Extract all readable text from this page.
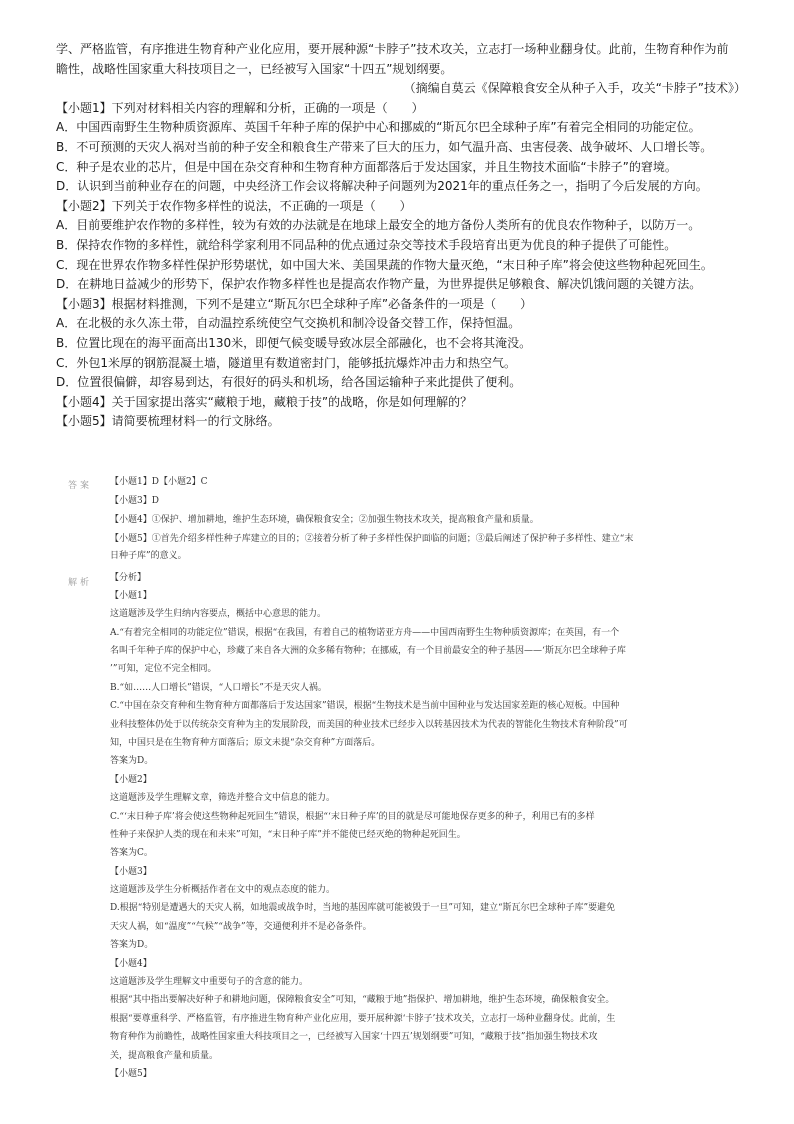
学、严格监管，有序推进生物育种产业化应用，要开展种源“卡脖子”技术攻关，立志打一场种业翻身仗。此前，生物育种作为前
瞻性，战略性国家重大科技项目之一，已经被写入国家“十四五”规划纲要。
（摘编自莫云《保障粮食安全从种子入手，攻关“卡脖子”技术》）
【小题1】下列对材料相关内容的理解和分析，正确的一项是（　　）
A．中国西南野生生物种质资源库、英国千年种子库的保护中心和挪威的“斯瓦尔巴全球种子库”有着完全相同的功能定位。
B．不可预测的天灾人祸对当前的种子安全和粮食生产带来了巨大的压力，如气温升高、虫害侵袭、战争破坏、人口增长等。
C．种子是农业的芯片，但是中国在杂交育种和生物育种方面都落后于发达国家，并且生物技术面临“卡脖子”的窘境。
D．认识到当前种业存在的问题，中央经济工作会议将解决种子问题列为2021年的重点任务之一，指明了今后发展的方向。
【小题2】下列关于农作物多样性的说法，不正确的一项是（　　）
A．目前要维护农作物的多样性，较为有效的办法就是在地球上最安全的地方备份人类所有的优良农作物种子，以防万一。
B．保持农作物的多样性，就给科学家利用不同品种的优点通过杂交等技术手段培育出更为优良的种子提供了可能性。
C．现在世界农作物多样性保护形势堪忧，如中国大米、美国果蔬的作物大量灭绝，“末日种子库”将会使这些物种起死回生。
D．在耕地日益减少的形势下，保护农作物多样性也是提高农作物产量，为世界提供足够粮食、解决饥饿问题的关键方法。
【小题3】根据材料推测，下列不是建立“斯瓦尔巴全球种子库”必备条件的一项是（　　）
A．在北极的永久冻土带，自动温控系统使空气交换机和制冷设备交替工作，保持恒温。
B．位置比现在的海平面高出130米，即便气候变暖导致冰层全部融化，也不会将其淹没。
C．外包1米厚的钢筋混凝土墙，隧道里有数道密封门，能够抵抗爆炸冲击力和热空气。
D．位置很偏僻，却容易到达，有很好的码头和机场，给各国运输种子来此提供了便利。
【小题4】关于国家提出落实“藏粮于地，藏粮于技”的战略，你是如何理解的？
【小题5】请简要梳理材料一的行文脉络。
答案 【小题1】D【小题2】C
【小题3】D
【小题4】①保护、增加耕地，维护生态环境，确保粮食安全；②加强生物技术攻关，提高粮食产量和质量。
【小题5】①首先介绍多样性种子库建立的目的；②接着分析了种子多样性保护面临的问题；③最后阐述了保护种子多样性、建立“末
日种子库”的意义。
解析 【分析】
【小题1】
这道题涉及学生归纳内容要点，概括中心意思的能力。
A.“有着完全相同的功能定位”错误，根据“在我国，有着自己的植物诺亚方舟——中国西南野生生物种质资源库；在英国，有一个
名叫千年种子库的保护中心，珍藏了来自各大洲的众多稀有物种；在挪威，有一个目前最安全的种子基因——‘斯瓦尔巴全球种子库
’”可知，定位不完全相同。
B.“如……人口增长”错误，“人口增长”不是天灾人祸。
C.“中国在杂交育种和生物育种方面都落后于发达国家”错误，根据“生物技术是当前中国种业与发达国家差距的核心短板。中国种
业科技整体仍处于以传统杂交育种为主的发展阶段，而美国的种业技术已经步入以转基因技术为代表的智能化生物技术育种阶段”可
知，中国只是在生物育种方面落后；原文未提“杂交育种”方面落后。
答案为D。
【小题2】
这道题涉及学生理解文章，筛选并整合文中信息的能力。
C.“‘末日种子库’将会使这些物种起死回生”错误，根据“‘末日种子库’的目的就是尽可能地保存更多的种子，利用已有的多样
性种子来保护人类的现在和未来”可知，“末日种子库”并不能使已经灭绝的物种起死回生。
答案为C。
【小题3】
这道题涉及学生分析概括作者在文中的观点态度的能力。
D.根据“特别是遭遇大的天灾人祸，如地震或战争时，当地的基因库就可能被毁于一旦”可知，建立“斯瓦尔巴全球种子库”要避免
天灾人祸，如“温度”“气候”“战争”等，交通便利并不是必备条件。
答案为D。
【小题4】
这道题涉及学生理解文中重要句子的含意的能力。
根据“其中指出要解决好种子和耕地问题，保障粮食安全”可知，“藏粮于地”指保护、增加耕地，维护生态环境，确保粮食安全。
根据“要尊重科学、严格监管，有序推进生物育种产业化应用，要开展种源‘卡脖子’技术攻关，立志打一场种业翻身仗。此前，生
物育种作为前瞻性，战略性国家重大科技项目之一，已经被写入国家‘十四五’规划纲要”可知，“藏粮于技”指加强生物技术攻
关，提高粮食产量和质量。
【小题5】
